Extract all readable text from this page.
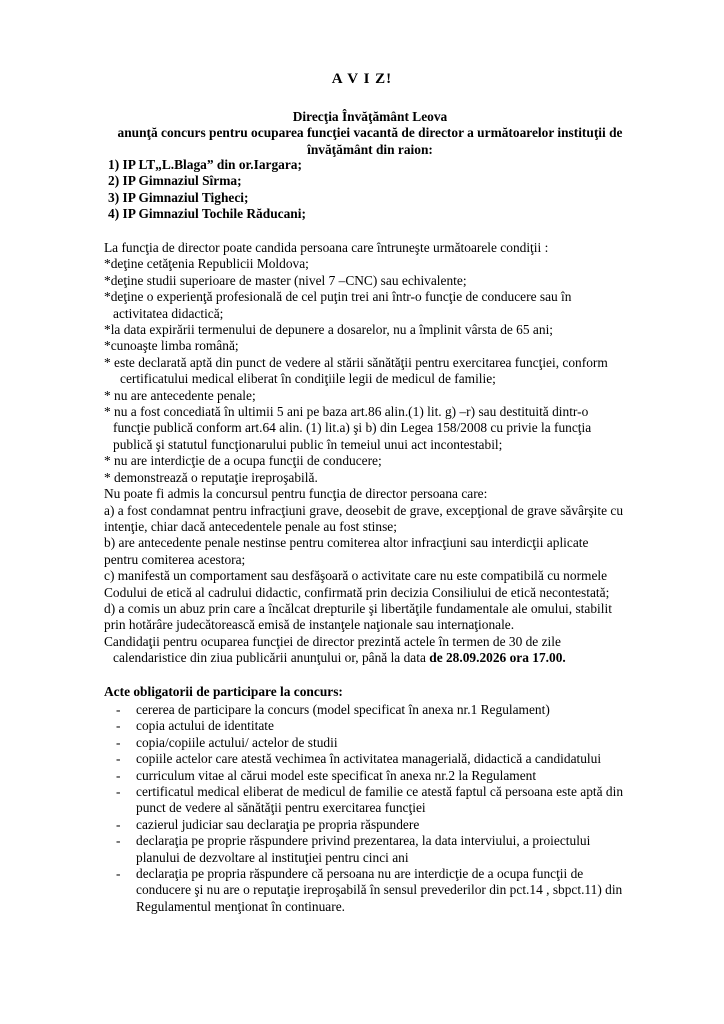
A V I Z!
Direcţia Învăţământ Leova
anunţă concurs pentru ocuparea funcţiei vacantă de director a următoarelor instituţii de
învăţământ din raion:
1) IP LT„L.Blaga” din or.Iargara;
2) IP Gimnaziul Sîrma;
3) IP Gimnaziul Tigheci;
4) IP Gimnaziul Tochile Răducani;
La funcţia de director poate candida persoana care întruneşte următoarele condiţii :
*deţine cetăţenia Republicii Moldova;
*deţine studii superioare de master (nivel 7 –CNC) sau echivalente;
*deţine o experienţă profesională de cel puţin trei ani într-o funcţie de conducere sau în
activitatea didactică;
*la data expirării termenului de depunere a dosarelor, nu a împlinit vârsta de 65 ani;
*cunoaşte limba română;
* este declarată aptă din punct de vedere al stării sănătăţii pentru exercitarea funcţiei, conform
certificatului medical eliberat în condiţiile legii de medicul de familie;
* nu are antecedente penale;
* nu a fost concediată în ultimii 5 ani pe baza art.86 alin.(1) lit. g) –r) sau destituită dintr-o
funcţie publică conform art.64 alin. (1) lit.a) şi b) din Legea 158/2008 cu privie la funcţia
publică şi statutul funcţionarului public în temeiul unui act incontestabil;
* nu are interdicţie de a ocupa funcţii de conducere;
* demonstrează o reputaţie ireproşabilă.
Nu poate fi admis la concursul pentru funcţia de director persoana care:
a) a fost condamnat pentru infracţiuni grave, deosebit de grave, excepţional de grave săvârşite cu
intenţie, chiar dacă antecedentele penale au fost stinse;
b) are antecedente penale nestinse pentru comiterea altor infracţiuni sau interdicţii aplicate
pentru comiterea acestora;
c) manifestă un comportament sau desfăşoară o activitate care nu este compatibilă cu normele
Codului de etică al cadrului didactic, confirmată prin decizia Consiliului de etică necontestată;
d) a comis un abuz prin care a încălcat drepturile şi libertăţile fundamentale ale omului, stabilit
prin hotărâre judecătorească emisă de instanţele naţionale sau internaţionale.
Candidaţii pentru ocuparea funcţiei de director prezintă actele în termen de 30 de zile
calendaristice din ziua publicării anunţului or, până la data de 28.09.2026 ora 17.00.
Acte obligatorii de participare la concurs:
- cererea de participare la concurs (model specificat în anexa nr.1 Regulament)
- copia actului de identitate
- copia/copiile actului/ actelor de studii
- copiile actelor care atestă vechimea în activitatea managerială, didactică a candidatului
- curriculum vitae al cărui model este specificat în anexa nr.2 la Regulament
- certificatul medical eliberat de medicul de familie ce atestă faptul că persoana este aptă din
punct de vedere al sănătăţii pentru exercitarea funcţiei
- cazierul judiciar sau declaraţia pe propria răspundere
- declaraţia pe proprie răspundere privind prezentarea, la data interviului, a proiectului
planului de dezvoltare al instituţiei pentru cinci ani
- declaraţia pe propria răspundere că persoana nu are interdicţie de a ocupa funcţii de
conducere şi nu are o reputaţie ireproşabilă în sensul prevederilor din pct.14 , sbpct.11) din
Regulamentul menţionat în continuare.
